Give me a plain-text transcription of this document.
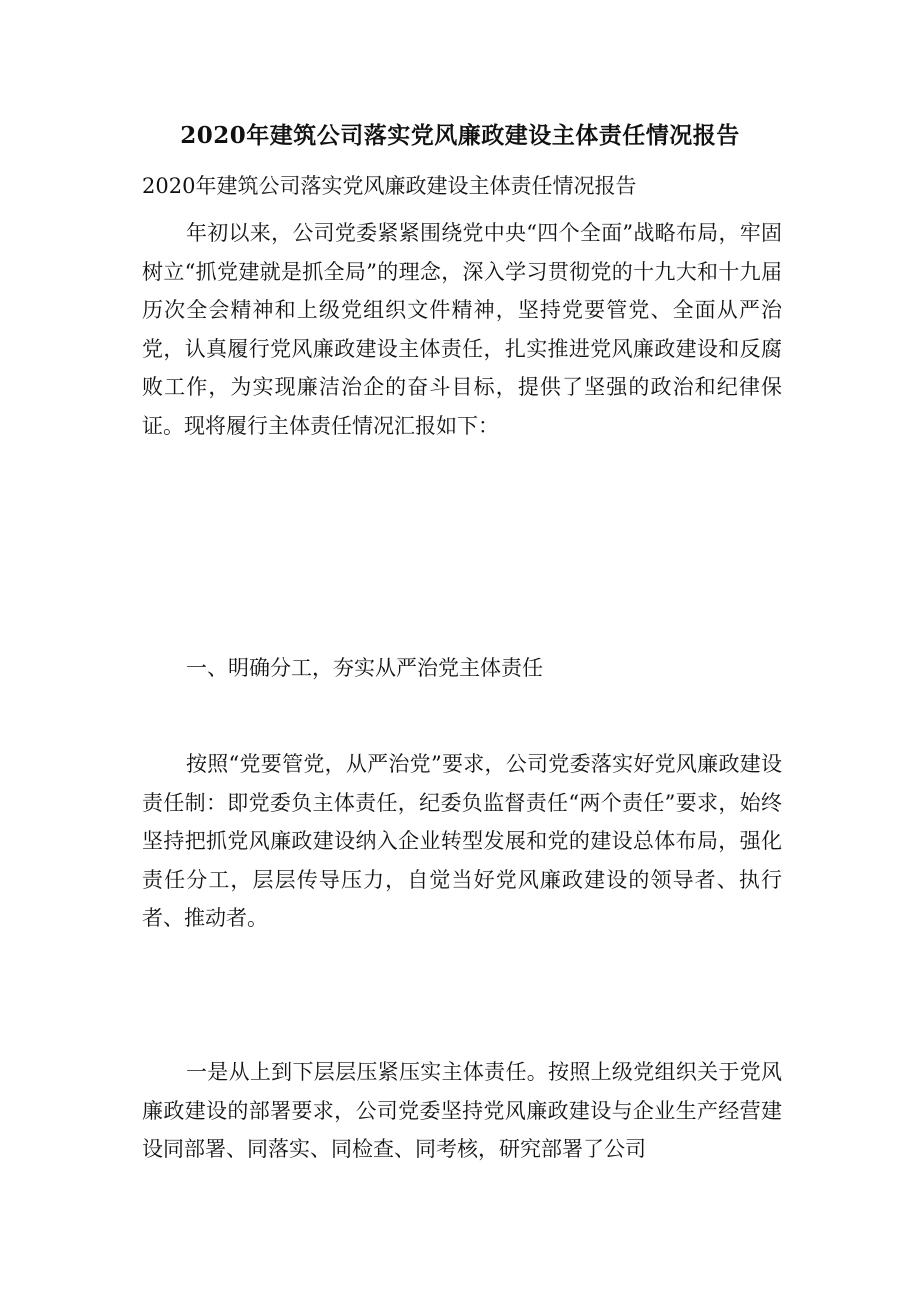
2020年建筑公司落实党风廉政建设主体责任情况报告

2020年建筑公司落实党风廉政建设主体责任情况报告

年初以来，公司党委紧紧围绕党中央“四个全面”战略布局，牢固树立“抓党建就是抓全局”的理念，深入学习贯彻党的十九大和十九届历次全会精神和上级党组织文件精神，坚持党要管党、全面从严治党，认真履行党风廉政建设主体责任，扎实推进党风廉政建设和反腐败工作，为实现廉洁治企的奋斗目标，提供了坚强的政治和纪律保证。现将履行主体责任情况汇报如下：

一、明确分工，夯实从严治党主体责任

按照“党要管党，从严治党”要求，公司党委落实好党风廉政建设责任制：即党委负主体责任，纪委负监督责任“两个责任”要求，始终坚持把抓党风廉政建设纳入企业转型发展和党的建设总体布局，强化责任分工，层层传导压力，自觉当好党风廉政建设的领导者、执行者、推动者。

一是从上到下层层压紧压实主体责任。按照上级党组织关于党风廉政建设的部署要求，公司党委坚持党风廉政建设与企业生产经营建设同部署、同落实、同检查、同考核，研究部署了公司
